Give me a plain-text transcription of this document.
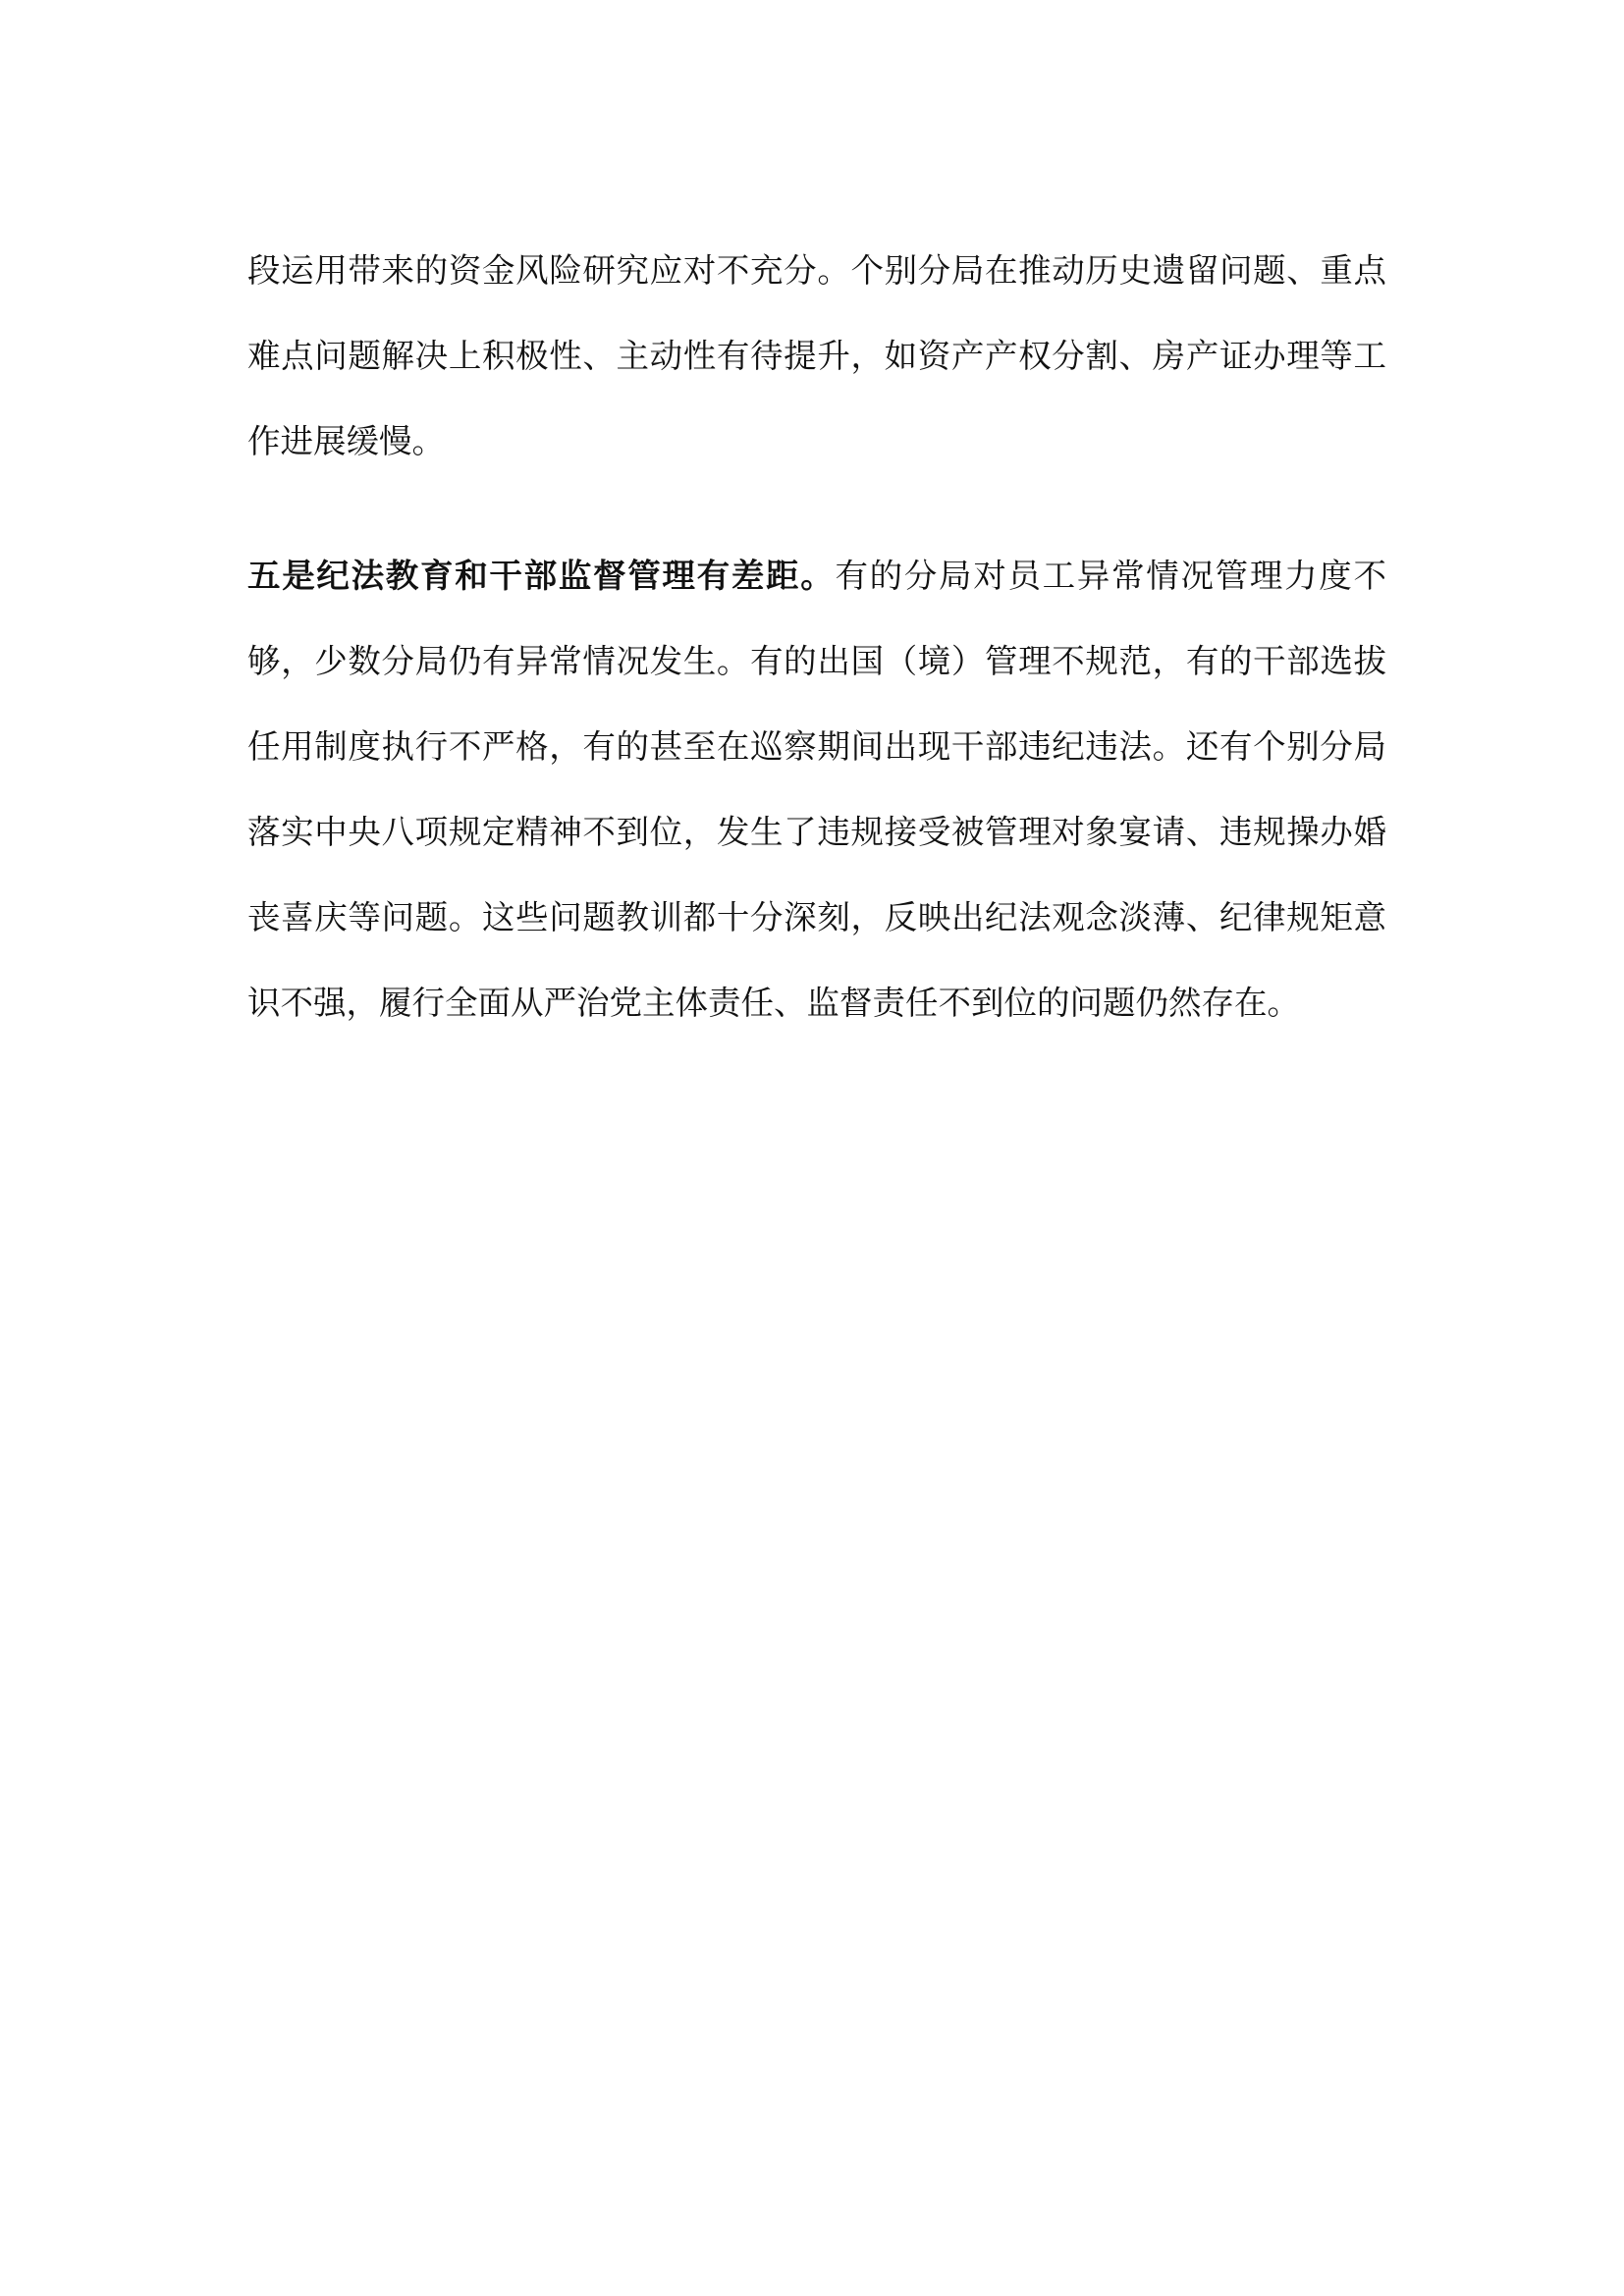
段运用带来的资金风险研究应对不充分。个别分局在推动历史遗留问题、重点难点问题解决上积极性、主动性有待提升，如资产产权分割、房产证办理等工作进展缓慢。

五是纪法教育和干部监督管理有差距。有的分局对员工异常情况管理力度不够，少数分局仍有异常情况发生。有的出国（境）管理不规范，有的干部选拔任用制度执行不严格，有的甚至在巡察期间出现干部违纪违法。还有个别分局落实中央八项规定精神不到位，发生了违规接受被管理对象宴请、违规操办婚丧喜庆等问题。这些问题教训都十分深刻，反映出纪法观念淡薄、纪律规矩意识不强，履行全面从严治党主体责任、监督责任不到位的问题仍然存在。
